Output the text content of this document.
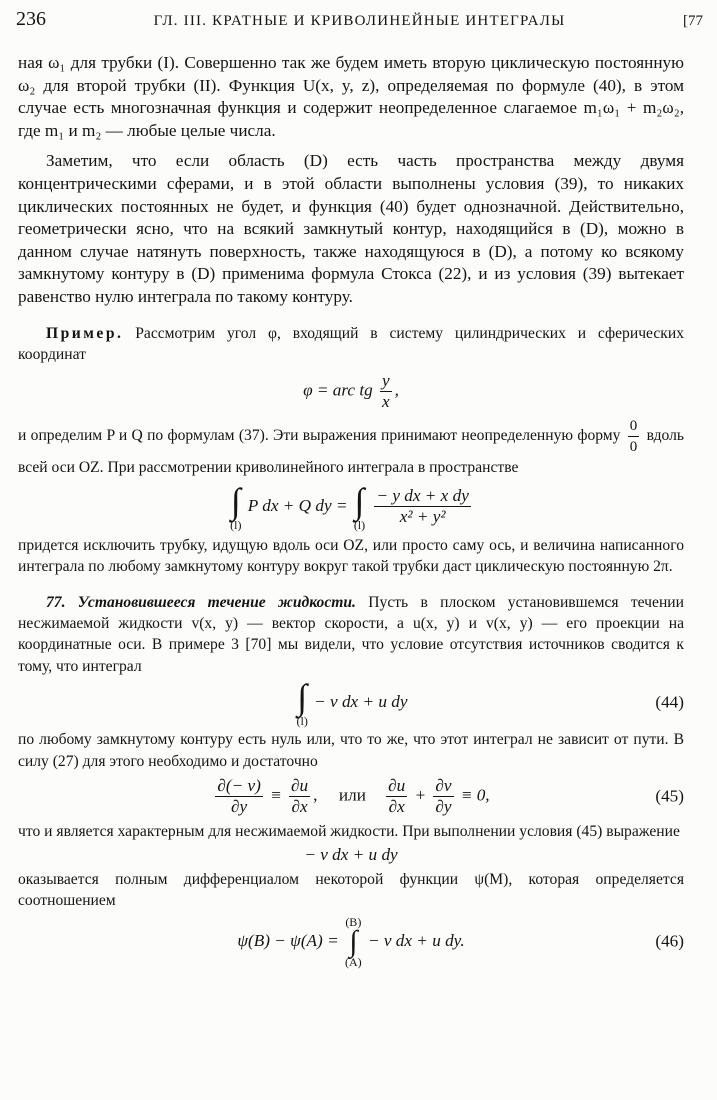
236	ГЛ. III. КРАТНЫЕ И КРИВОЛИНЕЙНЫЕ ИНТЕГРАЛЫ	[77

ная ω₁ для трубки (I). Совершенно так же будем иметь вторую циклическую постоянную ω₂ для второй трубки (II). Функция U(x, y, z), определяемая по формуле (40), в этом случае есть многозначная функция и содержит неопределенное слагаемое m₁ω₁ + m₂ω₂, где m₁ и m₂ — любые целые числа.

Заметим, что если область (D) есть часть пространства между двумя концентрическими сферами, и в этой области выполнены условия (39), то никаких циклических постоянных не будет, и функция (40) будет однозначной. Действительно, геометрически ясно, что на всякий замкнутый контур, находящийся в (D), можно в данном случае натянуть поверхность, также находящуюся в (D), а потому ко всякому замкнутому контуру в (D) применима формула Стокса (22), и из условия (39) вытекает равенство нулю интеграла по такому контуру.

Пример. Рассмотрим угол φ, входящий в систему цилиндрических и сферических координат

φ = arc tg $\frac{y}{x}$ ,

и определим P и Q по формулам (37). Эти выражения принимают неопределенную форму $\frac{0}{0}$ вдоль всей оси OZ. При рассмотрении криволинейного интеграла в пространстве

∫
(l)
P dx + Q dy = ∫
(l)
$\frac{\text{− y dx + x dy}}{\text{x² + y²}}$

придется исключить трубку, идущую вдоль оси OZ, или просто саму ось, и величина написанного интеграла по любому замкнутому контуру вокруг такой трубки даст циклическую постоянную 2π.

77. Установившееся течение жидкости. Пусть в плоском установившемся течении несжимаемой жидкости v(x, y) — вектор скорости, а u(x, y) и v(x, y) — его проекции на координатные оси. В примере 3 [70] мы видели, что условие отсутствия источников сводится к тому, что интеграл

∫
(l)
− v dx + u dy	(44)

по любому замкнутому контуру есть нуль или, что то же, что этот интеграл не зависит от пути. В силу (27) для этого необходимо и достаточно

$\frac{\partial(- v)}{\partial y} \equiv \frac{\partial u}{\partial x}$ ,     или $\frac{\partial u}{\partial x} + \frac{\partial v}{\partial y} \equiv 0$,	(45)

что и является характерным для несжимаемой жидкости. При выполнении условия (45) выражение

− v dx + u dy

оказывается полным дифференциалом некоторой функции ψ(M), которая определяется соотношением

ψ(B) − ψ(A) =
(B)
∫
(A)
− v dx + u dy.	(46)
